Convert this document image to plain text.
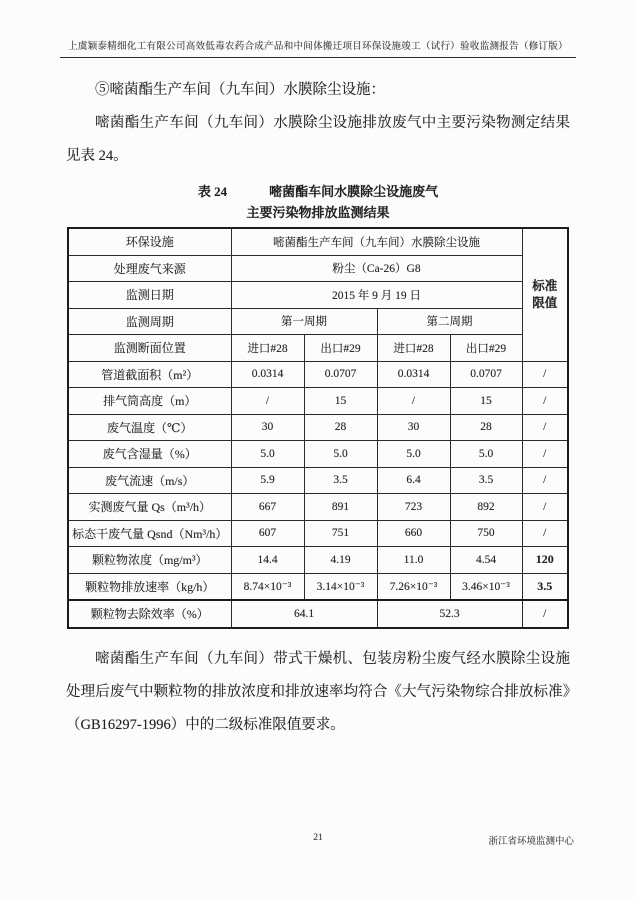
上虞颖泰精细化工有限公司高效低毒农药合成产品和中间体搬迁项目环保设施竣工（试行）验收监测报告（修订版）

⑤嘧菌酯生产车间（九车间）水膜除尘设施：

嘧菌酯生产车间（九车间）水膜除尘设施排放废气中主要污染物测定结果见表 24。

表 24	嘧菌酯车间水膜除尘设施废气
主要污染物排放监测结果
环保设施	嘧菌酯生产车间（九车间）水膜除尘设施				标准
限值

处理废气来源	粉尘（Ca-26）G8				
监测日期	2015 年 9 月 19 日				
监测周期	第一周期		第二周期		
监测断面位置	进口#28	出口#29	进口#28	出口#29	
管道截面积（m²）	0.0314	0.0707	0.0314	0.0707	/
排气筒高度（m）	/	15	/	15	/
废气温度（℃）	30	28	30	28	/
废气含湿量（%）	5.0	5.0	5.0	5.0	/
废气流速（m/s）	5.9	3.5	6.4	3.5	/
实测废气量 Qs（m³/h）	667	891	723	892	/
标态干废气量 Qsnd（Nm³/h）	607	751	660	750	/
颗粒物浓度（mg/m³）	14.4	4.19	11.0	4.54	120
颗粒物排放速率（kg/h）	8.74×10⁻³	3.14×10⁻³	7.26×10⁻³	3.46×10⁻³	3.5
颗粒物去除效率（%）	64.1		52.3		/

嘧菌酯生产车间（九车间）带式干燥机、包装房粉尘废气经水膜除尘设施处理后废气中颗粒物的排放浓度和排放速率均符合《大气污染物综合排放标准》（GB16297-1996）中的二级标准限值要求。

21	浙江省环境监测中心
